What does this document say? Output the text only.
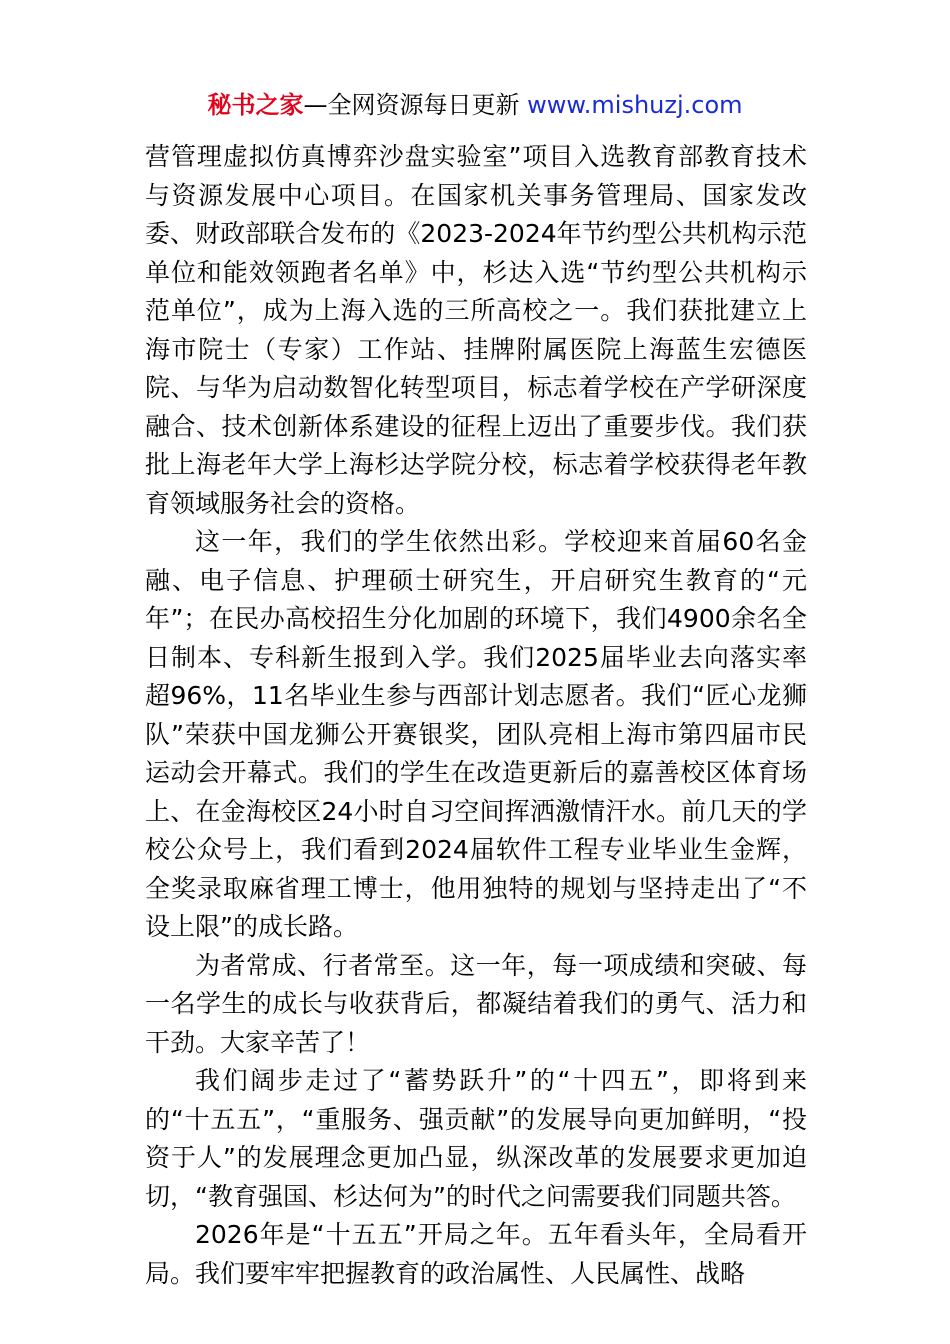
秘书之家—全网资源每日更新 www.mishuzj.com

营管理虚拟仿真博弈沙盘实验室”项目入选教育部教育技术与资源发展中心项目。在国家机关事务管理局、国家发改委、财政部联合发布的《2023-2024年节约型公共机构示范单位和能效领跑者名单》中，杉达入选“节约型公共机构示范单位”，成为上海入选的三所高校之一。我们获批建立上海市院士（专家）工作站、挂牌附属医院上海蓝生宏德医院、与华为启动数智化转型项目，标志着学校在产学研深度融合、技术创新体系建设的征程上迈出了重要步伐。我们获批上海老年大学上海杉达学院分校，标志着学校获得老年教育领域服务社会的资格。

这一年，我们的学生依然出彩。学校迎来首届60名金融、电子信息、护理硕士研究生，开启研究生教育的“元年”；在民办高校招生分化加剧的环境下，我们4900余名全日制本、专科新生报到入学。我们2025届毕业去向落实率超96%，11名毕业生参与西部计划志愿者。我们“匠心龙狮队”荣获中国龙狮公开赛银奖，团队亮相上海市第四届市民运动会开幕式。我们的学生在改造更新后的嘉善校区体育场上、在金海校区24小时自习空间挥洒激情汗水。前几天的学校公众号上，我们看到2024届软件工程专业毕业生金辉，全奖录取麻省理工博士，他用独特的规划与坚持走出了“不设上限”的成长路。

为者常成、行者常至。这一年，每一项成绩和突破、每一名学生的成长与收获背后，都凝结着我们的勇气、活力和干劲。大家辛苦了！

我们阔步走过了“蓄势跃升”的“十四五”，即将到来的“十五五”，“重服务、强贡献”的发展导向更加鲜明，“投资于人”的发展理念更加凸显，纵深改革的发展要求更加迫切，“教育强国、杉达何为”的时代之问需要我们同题共答。

2026年是“十五五”开局之年。五年看头年，全局看开局。我们要牢牢把握教育的政治属性、人民属性、战略
